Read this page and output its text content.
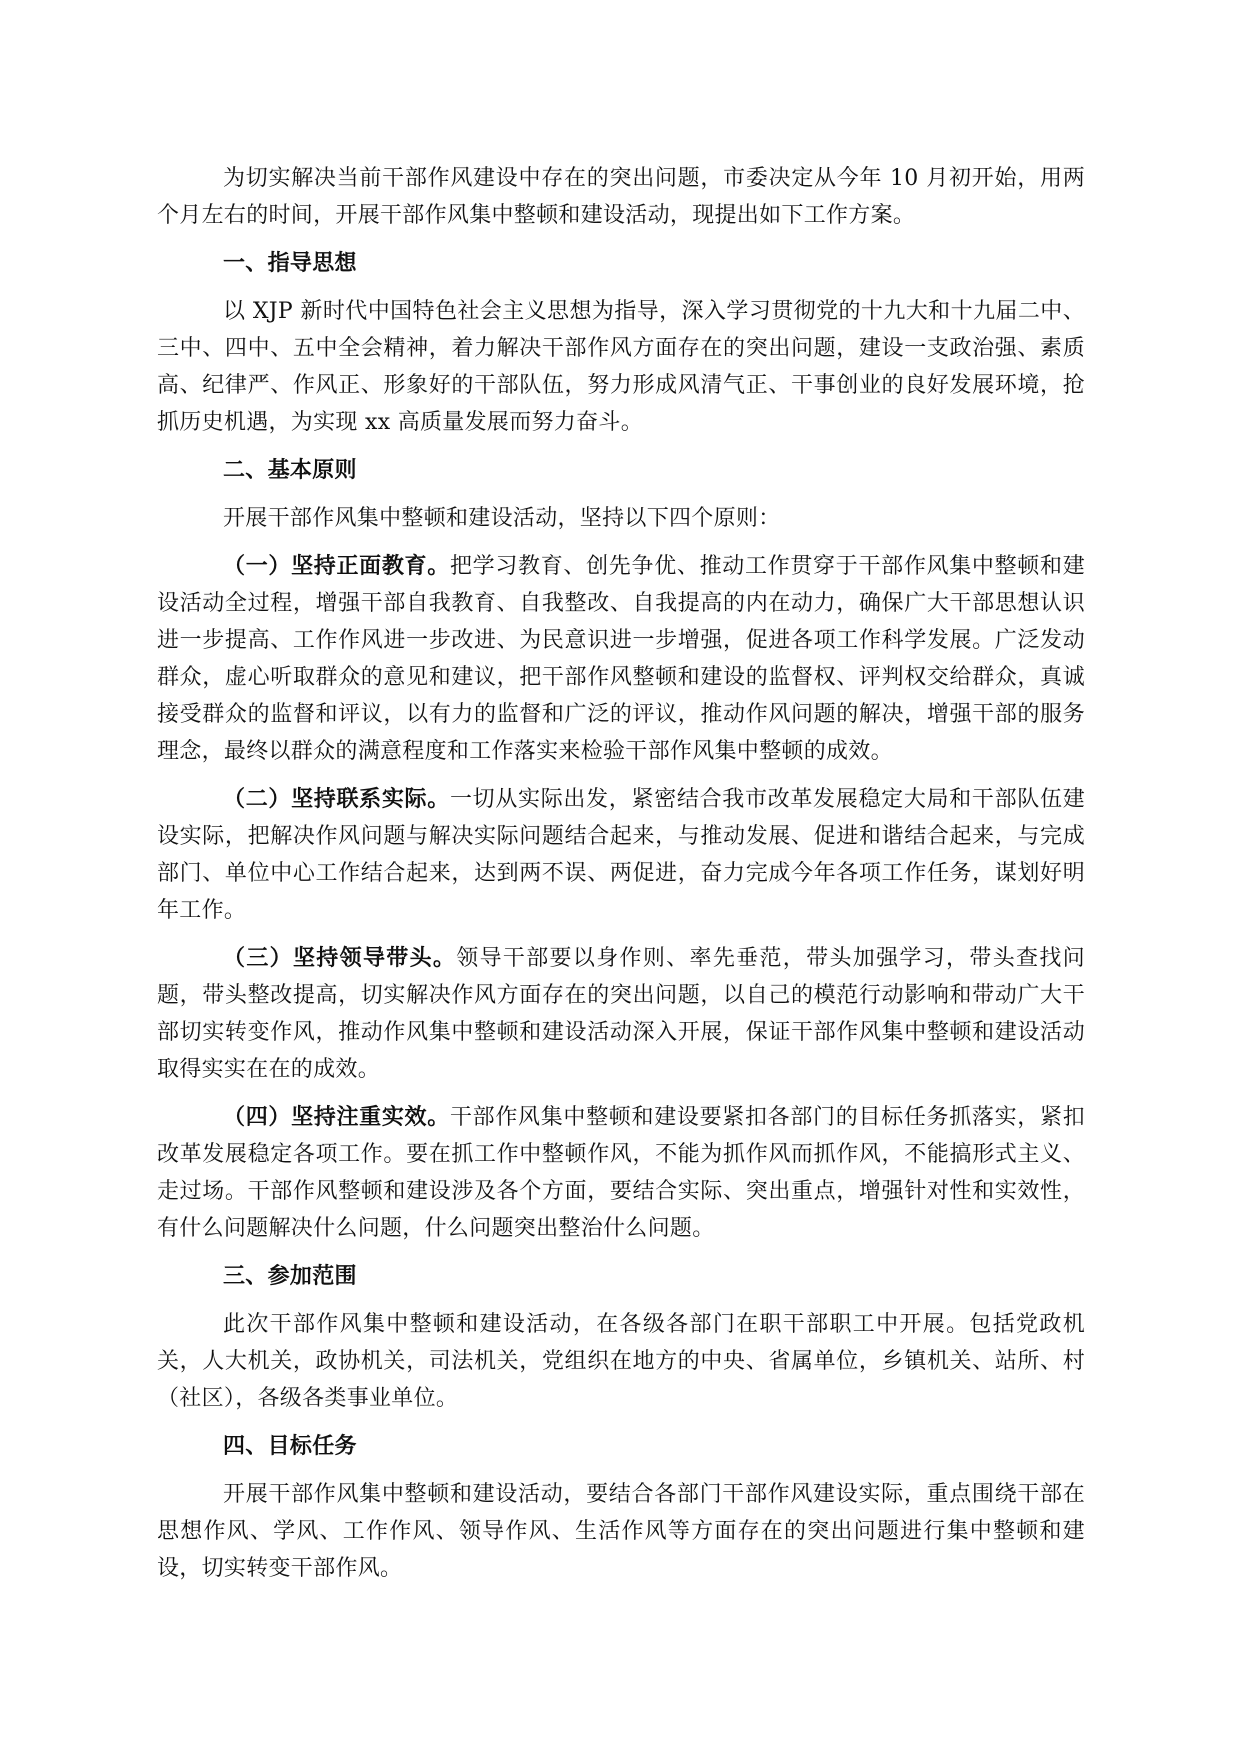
为切实解决当前干部作风建设中存在的突出问题，市委决定从今年 10 月初开始，用两个月左右的时间，开展干部作风集中整顿和建设活动，现提出如下工作方案。

一、指导思想

以 XJP 新时代中国特色社会主义思想为指导，深入学习贯彻党的十九大和十九届二中、三中、四中、五中全会精神，着力解决干部作风方面存在的突出问题，建设一支政治强、素质高、纪律严、作风正、形象好的干部队伍，努力形成风清气正、干事创业的良好发展环境，抢抓历史机遇，为实现 xx 高质量发展而努力奋斗。

二、基本原则

开展干部作风集中整顿和建设活动，坚持以下四个原则：

（一）坚持正面教育。把学习教育、创先争优、推动工作贯穿于干部作风集中整顿和建设活动全过程，增强干部自我教育、自我整改、自我提高的内在动力，确保广大干部思想认识进一步提高、工作作风进一步改进、为民意识进一步增强，促进各项工作科学发展。广泛发动群众，虚心听取群众的意见和建议，把干部作风整顿和建设的监督权、评判权交给群众，真诚接受群众的监督和评议，以有力的监督和广泛的评议，推动作风问题的解决，增强干部的服务理念，最终以群众的满意程度和工作落实来检验干部作风集中整顿的成效。

（二）坚持联系实际。一切从实际出发，紧密结合我市改革发展稳定大局和干部队伍建设实际，把解决作风问题与解决实际问题结合起来，与推动发展、促进和谐结合起来，与完成部门、单位中心工作结合起来，达到两不误、两促进，奋力完成今年各项工作任务，谋划好明年工作。

（三）坚持领导带头。领导干部要以身作则、率先垂范，带头加强学习，带头查找问题，带头整改提高，切实解决作风方面存在的突出问题，以自己的模范行动影响和带动广大干部切实转变作风，推动作风集中整顿和建设活动深入开展，保证干部作风集中整顿和建设活动取得实实在在的成效。

（四）坚持注重实效。干部作风集中整顿和建设要紧扣各部门的目标任务抓落实，紧扣改革发展稳定各项工作。要在抓工作中整顿作风，不能为抓作风而抓作风，不能搞形式主义、走过场。干部作风整顿和建设涉及各个方面，要结合实际、突出重点，增强针对性和实效性，有什么问题解决什么问题，什么问题突出整治什么问题。

三、参加范围

此次干部作风集中整顿和建设活动，在各级各部门在职干部职工中开展。包括党政机关，人大机关，政协机关，司法机关，党组织在地方的中央、省属单位，乡镇机关、站所、村（社区），各级各类事业单位。

四、目标任务

开展干部作风集中整顿和建设活动，要结合各部门干部作风建设实际，重点围绕干部在思想作风、学风、工作作风、领导作风、生活作风等方面存在的突出问题进行集中整顿和建设，切实转变干部作风。
